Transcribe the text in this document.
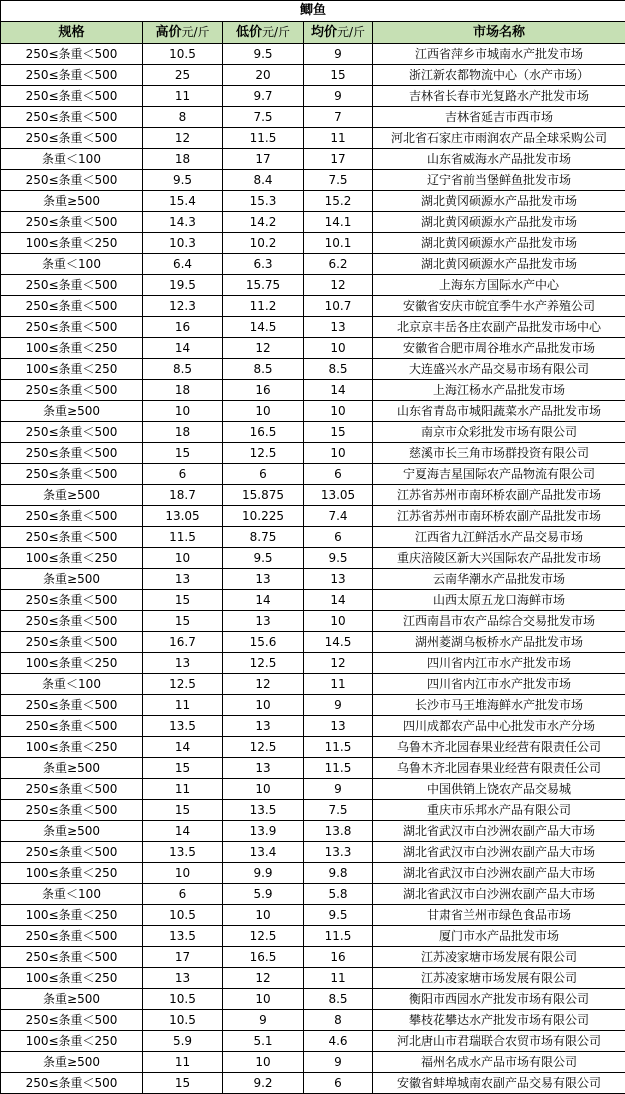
鲫鱼				
规格	高价元/斤	低价元/斤	均价元/斤	市场名称
250≤条重＜500	10.5	9.5	9	江西省萍乡市城南水产批发市场
250≤条重＜500	25	20	15	浙江新农都物流中心（水产市场）
250≤条重＜500	11	9.7	9	吉林省长春市光复路水产批发市场
250≤条重＜500	8	7.5	7	吉林省延吉市西市场
250≤条重＜500	12	11.5	11	河北省石家庄市雨润农产品全球采购公司
条重＜100	18	17	17	山东省威海水产品批发市场
250≤条重＜500	9.5	8.4	7.5	辽宁省前当堡鲜鱼批发市场
条重≥500	15.4	15.3	15.2	湖北黄冈硕源水产品批发市场
250≤条重＜500	14.3	14.2	14.1	湖北黄冈硕源水产品批发市场
100≤条重＜250	10.3	10.2	10.1	湖北黄冈硕源水产品批发市场
条重＜100	6.4	6.3	6.2	湖北黄冈硕源水产品批发市场
250≤条重＜500	19.5	15.75	12	上海东方国际水产中心
250≤条重＜500	12.3	11.2	10.7	安徽省安庆市皖宜季牛水产养殖公司
250≤条重＜500	16	14.5	13	北京京丰岳各庄农副产品批发市场中心
100≤条重＜250	14	12	10	安徽省合肥市周谷堆水产品批发市场
100≤条重＜250	8.5	8.5	8.5	大连盛兴水产品交易市场有限公司
250≤条重＜500	18	16	14	上海江杨水产品批发市场
条重≥500	10	10	10	山东省青岛市城阳蔬菜水产品批发市场
250≤条重＜500	18	16.5	15	南京市众彩批发市场有限公司
250≤条重＜500	15	12.5	10	慈溪市长三角市场群投资有限公司
250≤条重＜500	6	6	6	宁夏海吉星国际农产品物流有限公司
条重≥500	18.7	15.875	13.05	江苏省苏州市南环桥农副产品批发市场
250≤条重＜500	13.05	10.225	7.4	江苏省苏州市南环桥农副产品批发市场
250≤条重＜500	11.5	8.75	6	江西省九江鲜活水产品交易市场
100≤条重＜250	10	9.5	9.5	重庆涪陵区新大兴国际农产品批发市场
条重≥500	13	13	13	云南华潮水产品批发市场
250≤条重＜500	15	14	14	山西太原五龙口海鲜市场
250≤条重＜500	15	13	10	江西南昌市农产品综合交易批发市场
250≤条重＜500	16.7	15.6	14.5	湖州菱湖乌板桥水产品批发市场
100≤条重＜250	13	12.5	12	四川省内江市水产批发市场
条重＜100	12.5	12	11	四川省内江市水产批发市场
250≤条重＜500	11	10	9	长沙市马王堆海鲜水产批发市场
250≤条重＜500	13.5	13	13	四川成都农产品中心批发市水产分场
100≤条重＜250	14	12.5	11.5	乌鲁木齐北园春果业经营有限责任公司
条重≥500	15	13	11.5	乌鲁木齐北园春果业经营有限责任公司
250≤条重＜500	11	10	9	中国供销上饶农产品交易城
250≤条重＜500	15	13.5	7.5	重庆市乐邦水产品有限公司
条重≥500	14	13.9	13.8	湖北省武汉市白沙洲农副产品大市场
250≤条重＜500	13.5	13.4	13.3	湖北省武汉市白沙洲农副产品大市场
100≤条重＜250	10	9.9	9.8	湖北省武汉市白沙洲农副产品大市场
条重＜100	6	5.9	5.8	湖北省武汉市白沙洲农副产品大市场
100≤条重＜250	10.5	10	9.5	甘肃省兰州市绿色食品市场
250≤条重＜500	13.5	12.5	11.5	厦门市水产品批发市场
250≤条重＜500	17	16.5	16	江苏凌家塘市场发展有限公司
100≤条重＜250	13	12	11	江苏凌家塘市场发展有限公司
条重≥500	10.5	10	8.5	衡阳市西园水产批发市场有限公司
250≤条重＜500	10.5	9	8	攀枝花攀达水产批发市场有限公司
100≤条重＜250	5.9	5.1	4.6	河北唐山市君瑞联合农贸市场有限公司
条重≥500	11	10	9	福州名成水产品市场有限公司
250≤条重＜500	15	9.2	6	安徽省蚌埠城南农副产品交易有限公司
